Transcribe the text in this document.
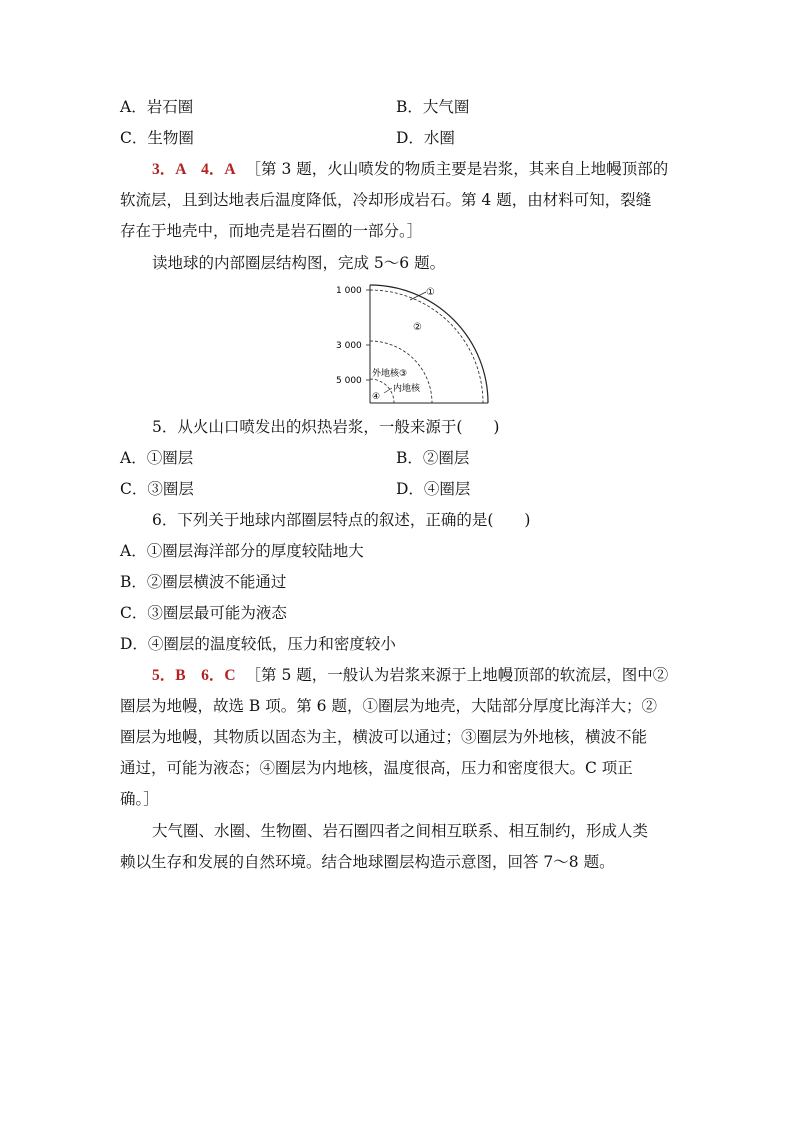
A．岩石圈	B．大气圈
C．生物圈	D．水圈
3．A　4．A ［第 3 题，火山喷发的物质主要是岩浆，其来自上地幔顶部的
软流层，且到达地表后温度降低，冷却形成岩石。第 4 题，由材料可知，裂缝
存在于地壳中，而地壳是岩石圈的一部分。］
读地球的内部圈层结构图，完成 5～6 题。
1 000
3 000
5 000
①
②
外地核③
内地核
④
5．从火山口喷发出的炽热岩浆，一般来源于(　　)
A．①圈层	B．②圈层
C．③圈层	D．④圈层
6．下列关于地球内部圈层特点的叙述，正确的是(　　)
A．①圈层海洋部分的厚度较陆地大
B．②圈层横波不能通过
C．③圈层最可能为液态
D．④圈层的温度较低，压力和密度较小
5．B　6．C ［第 5 题，一般认为岩浆来源于上地幔顶部的软流层，图中②
圈层为地幔，故选 B 项。第 6 题，①圈层为地壳，大陆部分厚度比海洋大；②
圈层为地幔，其物质以固态为主，横波可以通过；③圈层为外地核，横波不能
通过，可能为液态；④圈层为内地核，温度很高，压力和密度很大。C 项正
确。］
大气圈、水圈、生物圈、岩石圈四者之间相互联系、相互制约，形成人类
赖以生存和发展的自然环境。结合地球圈层构造示意图，回答 7～8 题。
